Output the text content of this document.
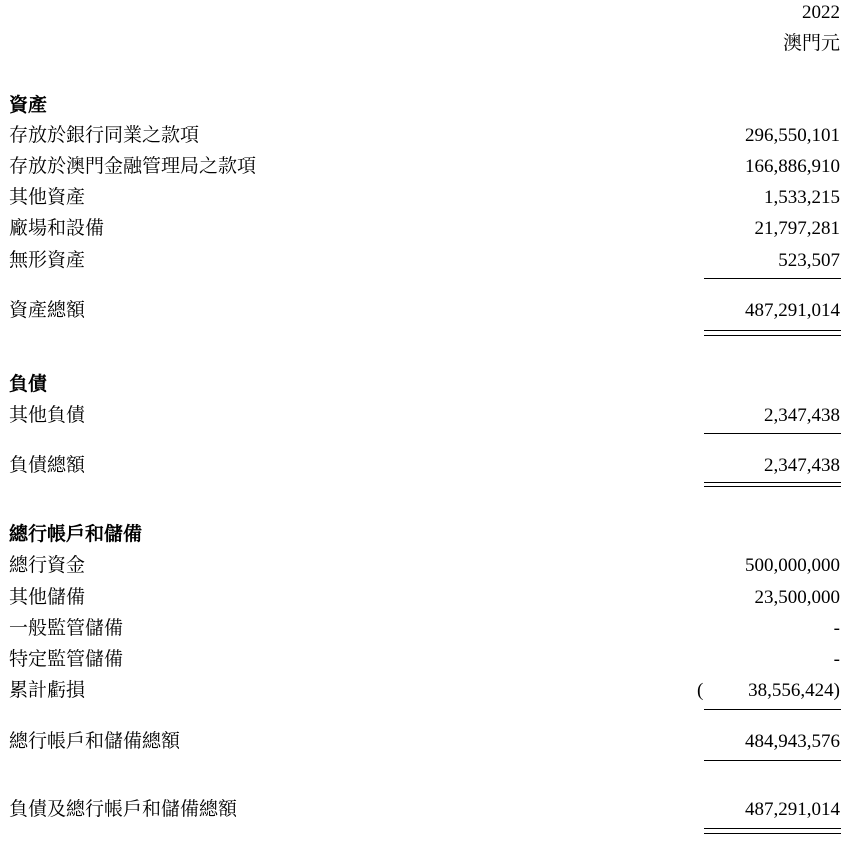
2022
澳門元
資產
存放於銀行同業之款項	296,550,101
存放於澳門金融管理局之款項	166,886,910
其他資產	1,533,215
廠場和設備	21,797,281
無形資產	523,507
資產總額	487,291,014
負債
其他負債	2,347,438
負債總額	2,347,438
總行帳戶和儲備
總行資金	500,000,000
其他儲備	23,500,000
一般監管儲備	-
特定監管儲備	-
累計虧損	( 38,556,424)
總行帳戶和儲備總額	484,943,576
負債及總行帳戶和儲備總額	487,291,014
